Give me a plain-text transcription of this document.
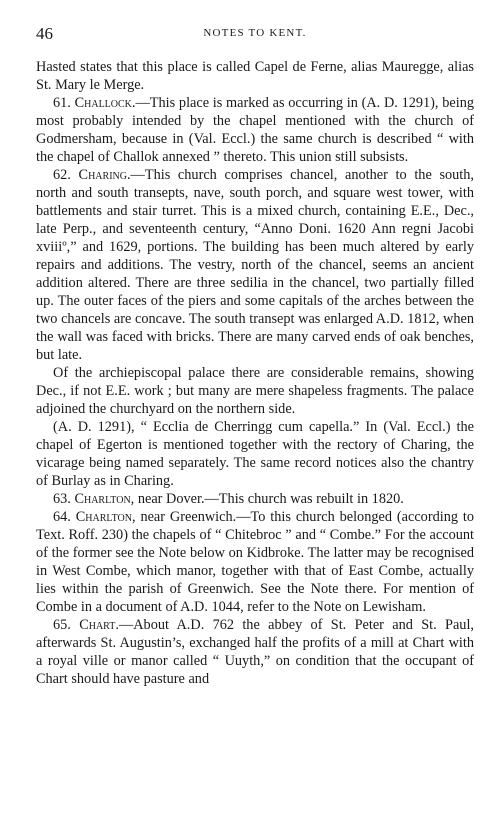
46	NOTES TO KENT.

Hasted states that this place is called Capel de Ferne, alias Mauregge, alias St. Mary le Merge.

61. Challock.—This place is marked as occurring in (A. D. 1291), being most probably intended by the chapel mentioned with the church of Godmersham, because in (Val. Eccl.) the same church is described “ with the chapel of Challok annexed ” thereto. This union still subsists.

62. Charing.—This church comprises chancel, another to the south, north and south transepts, nave, south porch, and square west tower, with battlements and stair turret. This is a mixed church, containing E.E., Dec., late Perp., and seventeenth century, “Anno Doni. 1620 Ann regni Jacobi xviiiº,” and 1629, portions. The building has been much altered by early repairs and additions. The vestry, north of the chancel, seems an ancient addition altered. There are three sedilia in the chancel, two partially filled up. The outer faces of the piers and some capitals of the arches between the two chancels are concave. The south transept was enlarged A.D. 1812, when the wall was faced with bricks. There are many carved ends of oak benches, but late.

Of the archiepiscopal palace there are considerable remains, showing Dec., if not E.E. work ; but many are mere shapeless fragments. The palace adjoined the churchyard on the northern side.

(A. D. 1291), “ Ecclia de Cherringg cum capella.” In (Val. Eccl.) the chapel of Egerton is mentioned together with the rectory of Charing, the vicarage being named separately. The same record notices also the chantry of Burlay as in Charing.

63. Charlton, near Dover.—This church was rebuilt in 1820.

64. Charlton, near Greenwich.—To this church belonged (according to Text. Roff. 230) the chapels of “ Chitebroc ” and “ Combe.” For the account of the former see the Note below on Kidbroke. The latter may be recognised in West Combe, which manor, together with that of East Combe, actually lies within the parish of Greenwich. See the Note there. For mention of Combe in a document of A.D. 1044, refer to the Note on Lewisham.

65. Chart.—About A.D. 762 the abbey of St. Peter and St. Paul, afterwards St. Augustin’s, exchanged half the profits of a mill at Chart with a royal ville or manor called “ Uuyth,” on condition that the occupant of Chart should have pasture and
